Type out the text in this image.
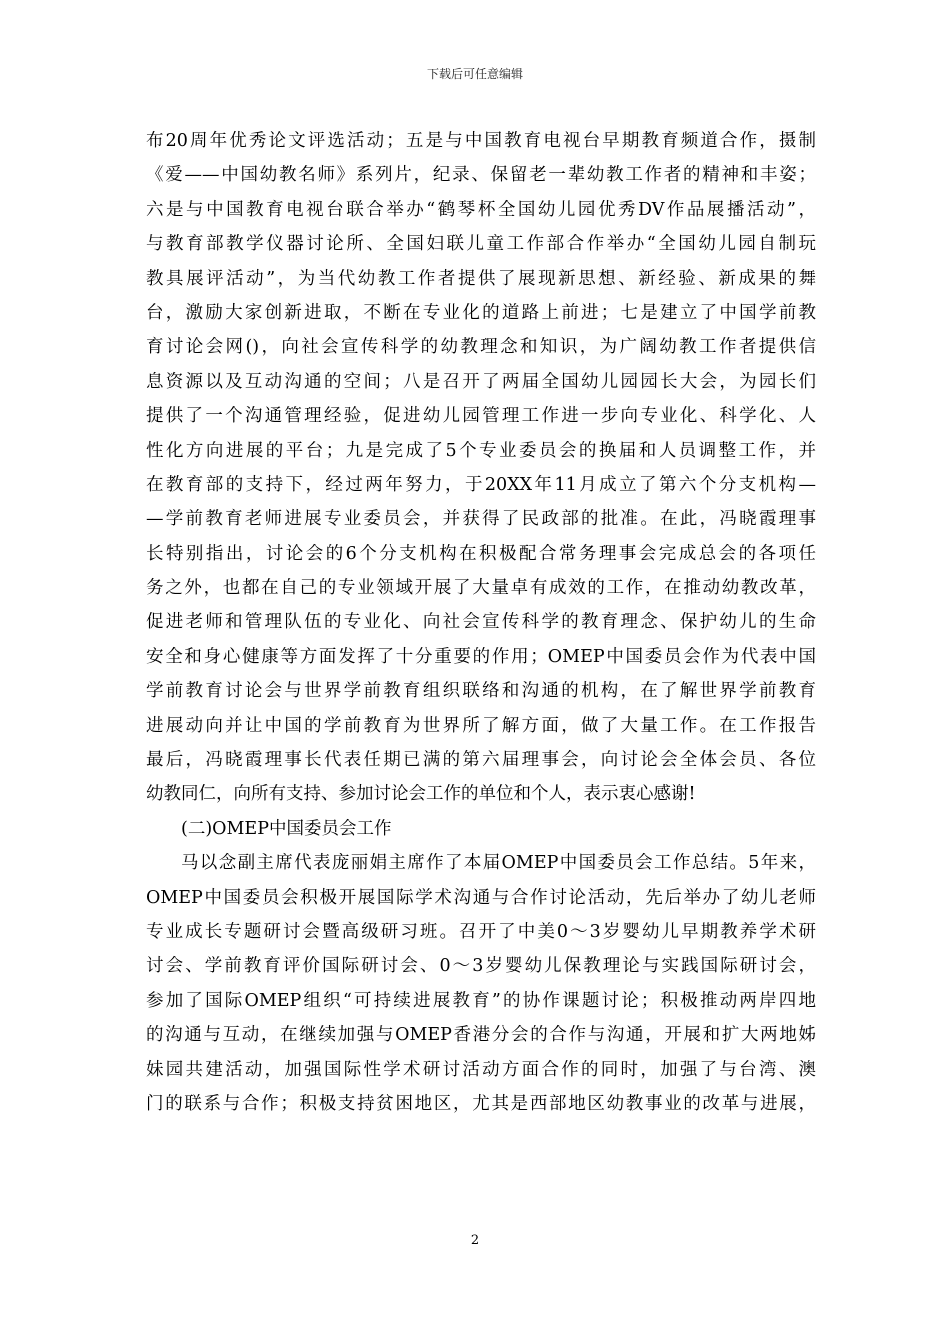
下载后可任意编辑
布20周年优秀论文评选活动；五是与中国教育电视台早期教育频道合作，摄制
《爱——中国幼教名师》系列片，纪录、保留老一辈幼教工作者的精神和丰姿；
六是与中国教育电视台联合举办“鹤琴杯全国幼儿园优秀DV作品展播活动”，
与教育部教学仪器讨论所、全国妇联儿童工作部合作举办“全国幼儿园自制玩
教具展评活动”，为当代幼教工作者提供了展现新思想、新经验、新成果的舞
台，激励大家创新进取，不断在专业化的道路上前进；七是建立了中国学前教
育讨论会网()，向社会宣传科学的幼教理念和知识，为广阔幼教工作者提供信
息资源以及互动沟通的空间；八是召开了两届全国幼儿园园长大会，为园长们
提供了一个沟通管理经验，促进幼儿园管理工作进一步向专业化、科学化、人
性化方向进展的平台；九是完成了5个专业委员会的换届和人员调整工作，并
在教育部的支持下，经过两年努力，于20XX年11月成立了第六个分支机构—
—学前教育老师进展专业委员会，并获得了民政部的批准。在此，冯晓霞理事
长特别指出，讨论会的6个分支机构在积极配合常务理事会完成总会的各项任
务之外，也都在自己的专业领域开展了大量卓有成效的工作，在推动幼教改革，
促进老师和管理队伍的专业化、向社会宣传科学的教育理念、保护幼儿的生命
安全和身心健康等方面发挥了十分重要的作用；OMEP中国委员会作为代表中国
学前教育讨论会与世界学前教育组织联络和沟通的机构，在了解世界学前教育
进展动向并让中国的学前教育为世界所了解方面，做了大量工作。在工作报告
最后，冯晓霞理事长代表任期已满的第六届理事会，向讨论会全体会员、各位
幼教同仁，向所有支持、参加讨论会工作的单位和个人，表示衷心感谢!
(二)OMEP中国委员会工作
马以念副主席代表庞丽娟主席作了本届OMEP中国委员会工作总结。5年来，
OMEP中国委员会积极开展国际学术沟通与合作讨论活动，先后举办了幼儿老师
专业成长专题研讨会暨高级研习班。召开了中美0～3岁婴幼儿早期教养学术研
讨会、学前教育评价国际研讨会、0～3岁婴幼儿保教理论与实践国际研讨会，
参加了国际OMEP组织“可持续进展教育”的协作课题讨论；积极推动两岸四地
的沟通与互动，在继续加强与OMEP香港分会的合作与沟通，开展和扩大两地姊
妹园共建活动，加强国际性学术研讨活动方面合作的同时，加强了与台湾、澳
门的联系与合作；积极支持贫困地区，尤其是西部地区幼教事业的改革与进展，
2
